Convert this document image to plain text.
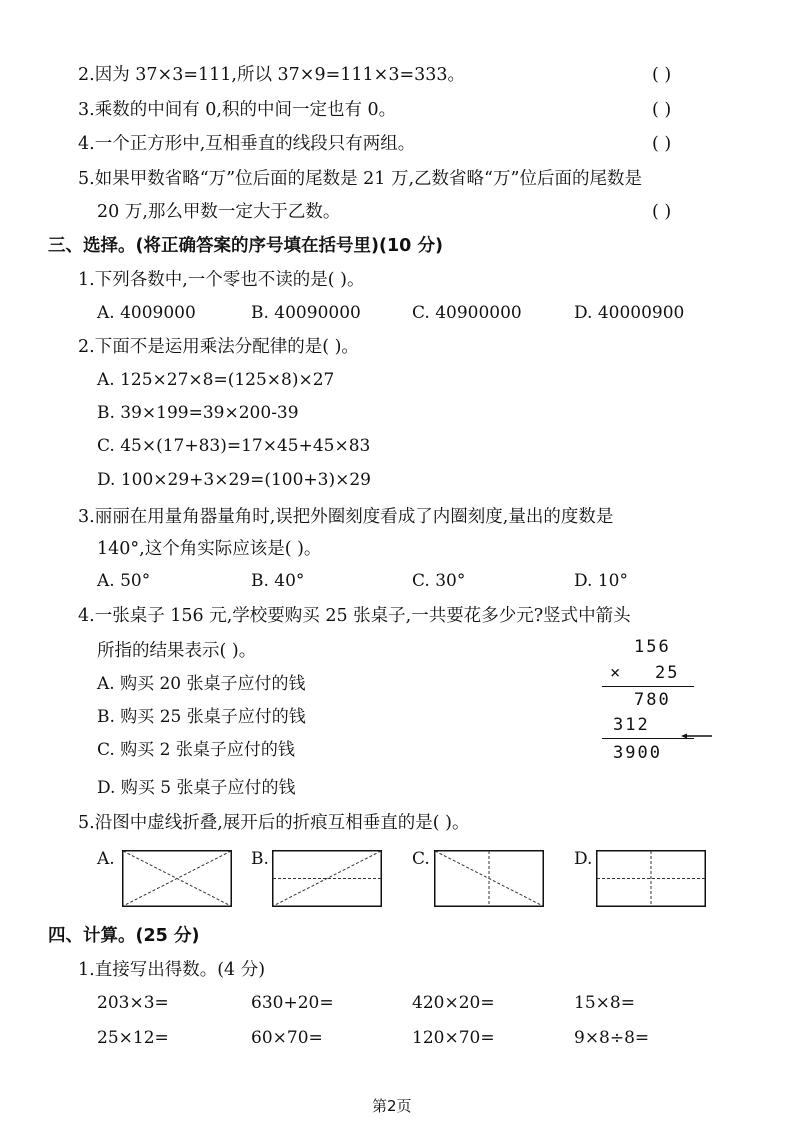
2.因为 37×3=111,所以 37×9=111×3=333。	( )
3.乘数的中间有 0,积的中间一定也有 0。	( )
4.一个正方形中,互相垂直的线段只有两组。	( )
5.如果甲数省略“万”位后面的尾数是 21 万,乙数省略“万”位后面的尾数是
20 万,那么甲数一定大于乙数。	( )
三、选择。(将正确答案的序号填在括号里)(10 分)
1.下列各数中,一个零也不读的是( )。
A. 4009000	B. 40090000	C. 40900000	D. 40000900
2.下面不是运用乘法分配律的是( )。
A. 125×27×8=(125×8)×27
B. 39×199=39×200-39
C. 45×(17+83)=17×45+45×83
D. 100×29+3×29=(100+3)×29
3.丽丽在用量角器量角时,误把外圈刻度看成了内圈刻度,量出的度数是
140°,这个角实际应该是( )。
A. 50°	B. 40°	C. 30°	D. 10°
4.一张桌子 156 元,学校要购买 25 张桌子,一共要花多少元?竖式中箭头
所指的结果表示( )。
A. 购买 20 张桌子应付的钱
B. 购买 25 张桌子应付的钱
C. 购买 2 张桌子应付的钱
D. 购买 5 张桌子应付的钱
156
× 25
780
312
3900
5.沿图中虚线折叠,展开后的折痕互相垂直的是( )。
A.	B.	C.	D.
四、计算。(25 分)
1.直接写出得数。(4 分)
203×3=	630+20=	420×20=	15×8=
25×12=	60×70=	120×70=	9×8÷8=
第2页
